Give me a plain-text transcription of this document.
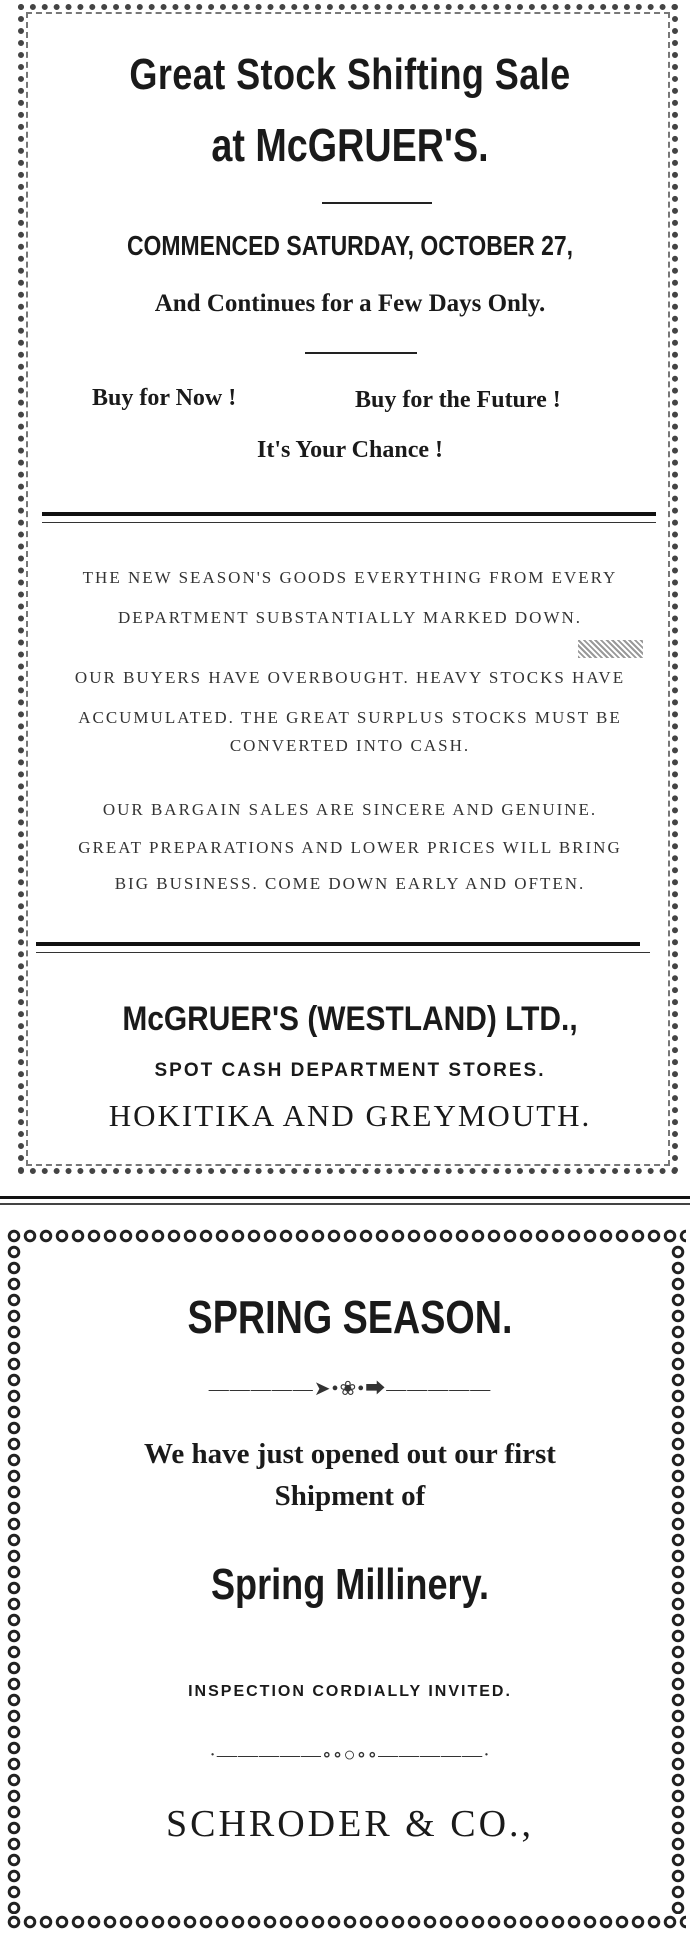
Great Stock Shifting Sale
at McGRUER'S.
COMMENCED SATURDAY, OCTOBER 27,
And Continues for a Few Days Only.
Buy for Now !	Buy for the Future !
It's Your Chance !
THE NEW SEASON'S GOODS EVERYTHING FROM EVERY
DEPARTMENT SUBSTANTIALLY MARKED DOWN.
OUR BUYERS HAVE OVERBOUGHT. HEAVY STOCKS HAVE
ACCUMULATED. THE GREAT SURPLUS STOCKS MUST BE
CONVERTED INTO CASH.
OUR BARGAIN SALES ARE SINCERE AND GENUINE.
GREAT PREPARATIONS AND LOWER PRICES WILL BRING
BIG BUSINESS. COME DOWN EARLY AND OFTEN.
McGRUER'S (WESTLAND) LTD.,
SPOT CASH DEPARTMENT STORES.
HOKITIKA AND GREYMOUTH.
SPRING SEASON.
—————➤•❀•⮕—————
We have just opened out our first
Shipment of
Spring Millinery.
INSPECTION CORDIALLY INVITED.
·—————∘∘○∘∘—————·
SCHRODER & CO.,
